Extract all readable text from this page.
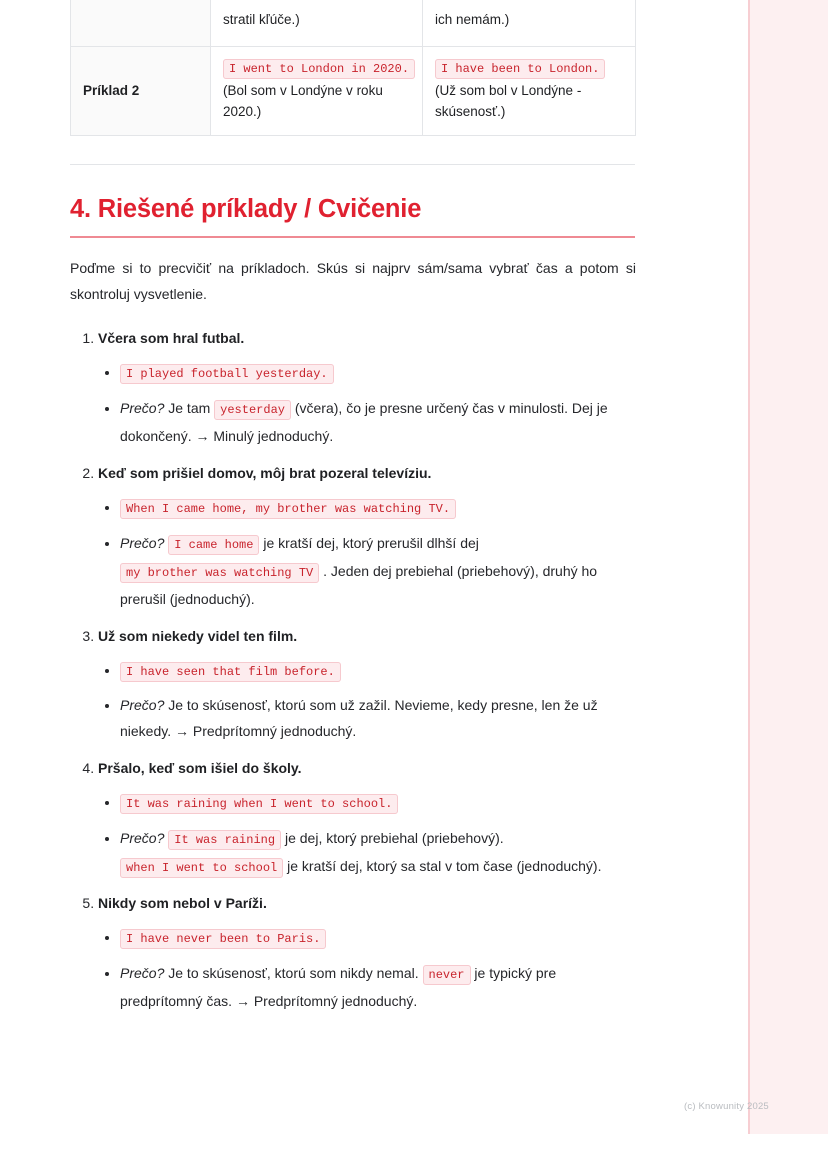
	stratil kľúče.)	ich nemám.)
Príklad 2	I went to London in 2020. (Bol som v Londýne v roku 2020.)	I have been to London. (Už som bol v Londýne - skúsenosť.)
4. Riešené príklady / Cvičenie

Poďme si to precvičiť na príkladoch. Skús si najprv sám/sama vybrať čas a potom si skontroluj vysvetlenie.

1. Včera som hral futbal.
• I played football yesterday.
• Prečo? Je tam yesterday (včera), čo je presne určený čas v minulosti. Dej je dokončený. → Minulý jednoduchý.
2. Keď som prišiel domov, môj brat pozeral televíziu.
• When I came home, my brother was watching TV.
• Prečo? I came home je kratší dej, ktorý prerušil dlhší dej my brother was watching TV . Jeden dej prebiehal (priebehový), druhý ho prerušil (jednoduchý).
3. Už som niekedy videl ten film.
• I have seen that film before.
• Prečo? Je to skúsenosť, ktorú som už zažil. Nevieme, kedy presne, len že už niekedy. → Predprítomný jednoduchý.
4. Pršalo, keď som išiel do školy.
• It was raining when I went to school.
• Prečo? It was raining je dej, ktorý prebiehal (priebehový). when I went to school je kratší dej, ktorý sa stal v tom čase (jednoduchý).
5. Nikdy som nebol v Paríži.
• I have never been to Paris.
• Prečo? Je to skúsenosť, ktorú som nikdy nemal. never je typický pre predprítomný čas. → Predprítomný jednoduchý.
(c) Knowunity 2025
